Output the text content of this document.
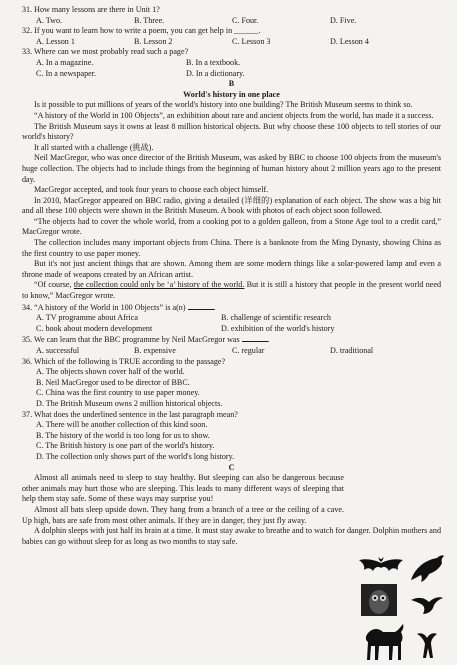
31. How many lessons are there in Unit 1?

A. Two.	B. Three.	C. Four.	D. Five.

32. If you want to learn how to write a poem, you can get help in ______.

A. Lesson 1	B. Lesson 2	C. Lesson 3	D. Lesson 4

33. Where can we most probably read such a page?

A. In a magazine.	B. In a textbook.
C. In a newspaper.	D. In a dictionary.

B

World's history in one place

Is it possible to put millions of years of the world's history into one building? The British Museum seems to think so.

“A history of the World in 100 Objects”, an exhibition about rare and ancient objects from the world, has made it a success.

The British Museum says it owns at least 8 million historical objects. But why choose these 100 objects to tell stories of our world's history?

It all started with a challenge (挑战).

Neil MacGregor, who was once director of the British Museum, was asked by BBC to choose 100 objects from the museum's huge collection. The objects had to include things from the beginning of human history about 2 million years ago to the present day.

MacGregor accepted, and took four years to choose each object himself.

In 2010, MacGregor appeared on BBC radio, giving a detailed (详细的) explanation of each object. The show was a big hit and all these 100 objects were shown in the British Museum. A book with photos of each object soon followed.

“The objects had to cover the whole world, from a cooking pot to a golden galleon, from a Stone Age tool to a credit card,” MacGregor wrote.

The collection includes many important objects from China. There is a banknote from the Ming Dynasty, showing China as the first country to use paper money.

But it's not just ancient things that are shown. Among them are some modern things like a solar-powered lamp and even a throne made of weapons created by an African artist.

“Of course, the collection could only be ‘a’ history of the world. But it is still a history that people in the present world need to know,” MacGregor wrote.

34. “A history of the World in 100 Objects” is a(n)	.

A. TV programme about Africa	B. challenge of scientific research
C. book about modern development	D. exhibition of the world's history

35. We can learn that the BBC programme by Neil MacGregor was	.

A. successful	B. expensive	C. regular	D. traditional

36. Which of the following is TRUE according to the passage?

A. The objects shown cover half of the world.
B. Neil MacGregor used to be director of BBC.
C. China was the first country to use paper money.
D. The British Museum owns 2 million historical objects.

37. What does the underlined sentence in the last paragraph mean?

A. There will be another collection of this kind soon.
B. The history of the world is too long for us to show.
C. The British history is one part of the world's history.
D. The collection only shows part of the world's long history.

C

Almost all animals need to sleep to stay healthy. But sleeping can also be dangerous because other animals may hurt those who are sleeping. This leads to many different ways of sleeping that help them stay safe. Some of these ways may surprise you!

Almost all bats sleep upside down. They hang from a branch of a tree or the ceiling of a cave. Up high, bats are safe from most other animals. If they are in danger, they just fly away.

A dolphin sleeps with just half its brain at a time. It must stay awake to breathe and to watch for danger. Dolphin mothers and babies can go without sleep for as long as two months to stay safe.
